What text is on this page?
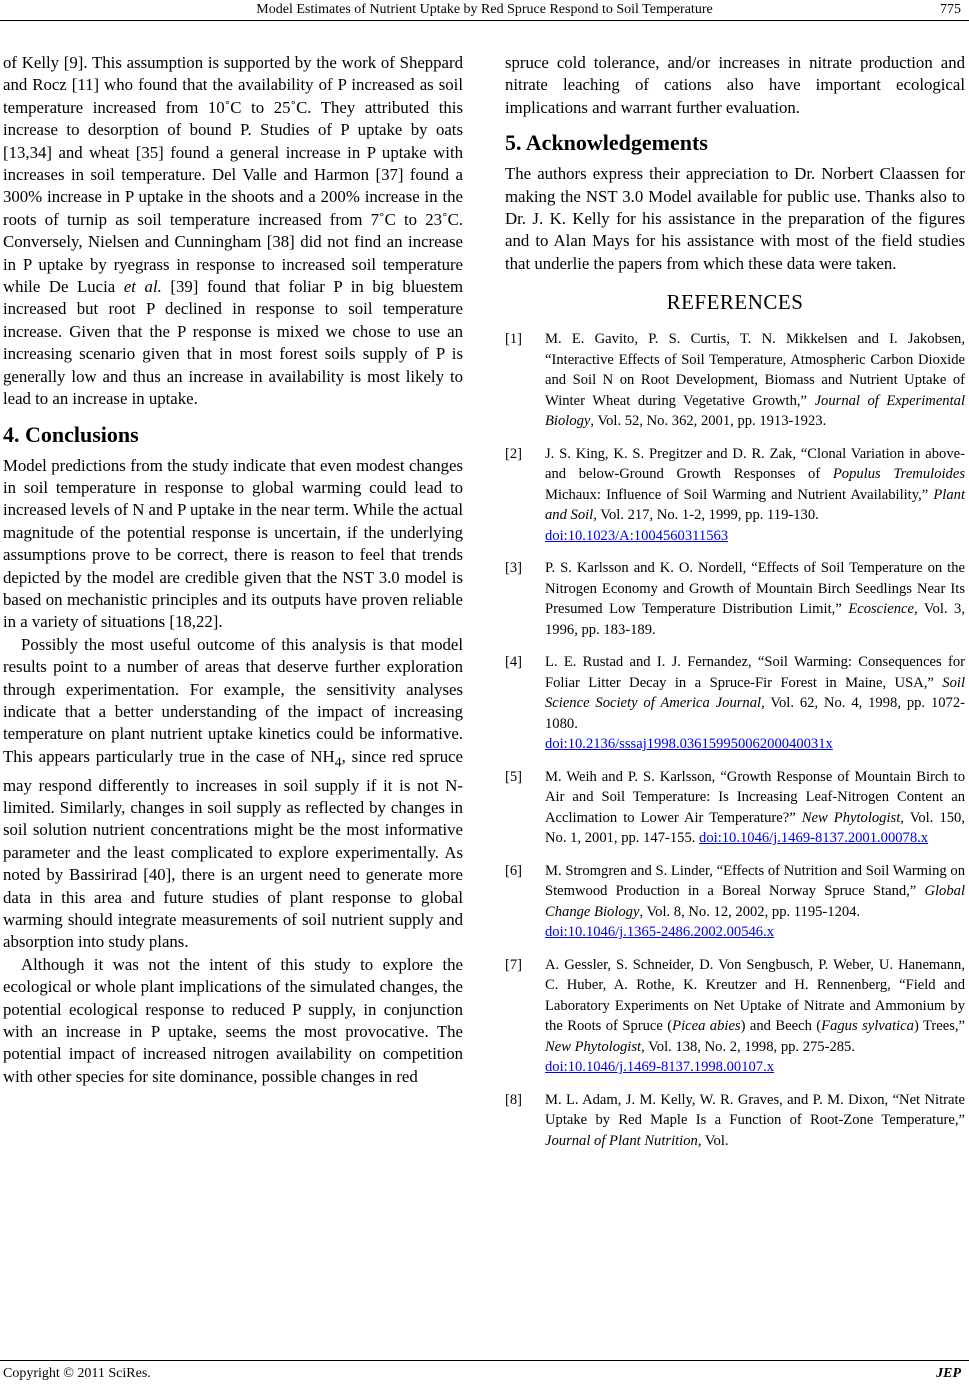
Model Estimates of Nutrient Uptake by Red Spruce Respond to Soil Temperature	775

of Kelly [9]. This assumption is supported by the work of Sheppard and Rocz [11] who found that the availability of P increased as soil temperature increased from 10˚C to 25˚C. They attributed this increase to desorption of bound P. Studies of P uptake by oats [13,34] and wheat [35] found a general increase in P uptake with increases in soil temperature. Del Valle and Harmon [37] found a 300% increase in P uptake in the shoots and a 200% increase in the roots of turnip as soil temperature increased from 7˚C to 23˚C. Conversely, Nielsen and Cunningham [38] did not find an increase in P uptake by ryegrass in response to increased soil temperature while De Lucia et al. [39] found that foliar P in big bluestem increased but root P declined in response to soil temperature increase. Given that the P response is mixed we chose to use an increasing scenario given that in most forest soils supply of P is generally low and thus an increase in availability is most likely to lead to an increase in uptake.

4. Conclusions

Model predictions from the study indicate that even modest changes in soil temperature in response to global warming could lead to increased levels of N and P uptake in the near term. While the actual magnitude of the potential response is uncertain, if the underlying assumptions prove to be correct, there is reason to feel that trends depicted by the model are credible given that the NST 3.0 model is based on mechanistic principles and its outputs have proven reliable in a variety of situations [18,22].

Possibly the most useful outcome of this analysis is that model results point to a number of areas that deserve further exploration through experimentation. For example, the sensitivity analyses indicate that a better understanding of the impact of increasing temperature on plant nutrient uptake kinetics could be informative. This appears particularly true in the case of $NH_4$, since red spruce may respond differently to increases in soil supply if it is not N-limited. Similarly, changes in soil supply as reflected by changes in soil solution nutrient concentrations might be the most informative parameter and the least complicated to explore experimentally. As noted by Bassirirad [40], there is an urgent need to generate more data in this area and future studies of plant response to global warming should integrate measurements of soil nutrient supply and absorption into study plans.

Although it was not the intent of this study to explore the ecological or whole plant implications of the simulated changes, the potential ecological response to reduced P supply, in conjunction with an increase in P uptake, seems the most provocative. The potential impact of increased nitrogen availability on competition with other species for site dominance, possible changes in red

spruce cold tolerance, and/or increases in nitrate production and nitrate leaching of cations also have important ecological implications and warrant further evaluation.

5. Acknowledgements

The authors express their appreciation to Dr. Norbert Claassen for making the NST 3.0 Model available for public use. Thanks also to Dr. J. K. Kelly for his assistance in the preparation of the figures and to Alan Mays for his assistance with most of the field studies that underlie the papers from which these data were taken.

REFERENCES
[1] M. E. Gavito, P. S. Curtis, T. N. Mikkelsen and I. Jakobsen, “Interactive Effects of Soil Temperature, Atmospheric Carbon Dioxide and Soil N on Root Development, Biomass and Nutrient Uptake of Winter Wheat during Vegetative Growth,” Journal of Experimental Biology, Vol. 52, No. 362, 2001, pp. 1913-1923.
[2] J. S. King, K. S. Pregitzer and D. R. Zak, “Clonal Variation in above- and below-Ground Growth Responses of Populus Tremuloides Michaux: Influence of Soil Warming and Nutrient Availability,” Plant and Soil, Vol. 217, No. 1-2, 1999, pp. 119-130.
doi:10.1023/A:1004560311563
[3] P. S. Karlsson and K. O. Nordell, “Effects of Soil Temperature on the Nitrogen Economy and Growth of Mountain Birch Seedlings Near Its Presumed Low Temperature Distribution Limit,” Ecoscience, Vol. 3, 1996, pp. 183-189.
[4] L. E. Rustad and I. J. Fernandez, “Soil Warming: Consequences for Foliar Litter Decay in a Spruce-Fir Forest in Maine, USA,” Soil Science Society of America Journal, Vol. 62, No. 4, 1998, pp. 1072-1080.
doi:10.2136/sssaj1998.03615995006200040031x
[5] M. Weih and P. S. Karlsson, “Growth Response of Mountain Birch to Air and Soil Temperature: Is Increasing Leaf-Nitrogen Content an Acclimation to Lower Air Temperature?” New Phytologist, Vol. 150, No. 1, 2001, pp. 147-155. doi:10.1046/j.1469-8137.2001.00078.x
[6] M. Stromgren and S. Linder, “Effects of Nutrition and Soil Warming on Stemwood Production in a Boreal Norway Spruce Stand,” Global Change Biology, Vol. 8, No. 12, 2002, pp. 1195-1204.
doi:10.1046/j.1365-2486.2002.00546.x
[7] A. Gessler, S. Schneider, D. Von Sengbusch, P. Weber, U. Hanemann, C. Huber, A. Rothe, K. Kreutzer and H. Rennenberg, “Field and Laboratory Experiments on Net Uptake of Nitrate and Ammonium by the Roots of Spruce (Picea abies) and Beech (Fagus sylvatica) Trees,” New Phytologist, Vol. 138, No. 2, 1998, pp. 275-285.
doi:10.1046/j.1469-8137.1998.00107.x
[8] M. L. Adam, J. M. Kelly, W. R. Graves, and P. M. Dixon, “Net Nitrate Uptake by Red Maple Is a Function of Root-Zone Temperature,” Journal of Plant Nutrition, Vol.
Copyright © 2011 SciRes.	JEP
